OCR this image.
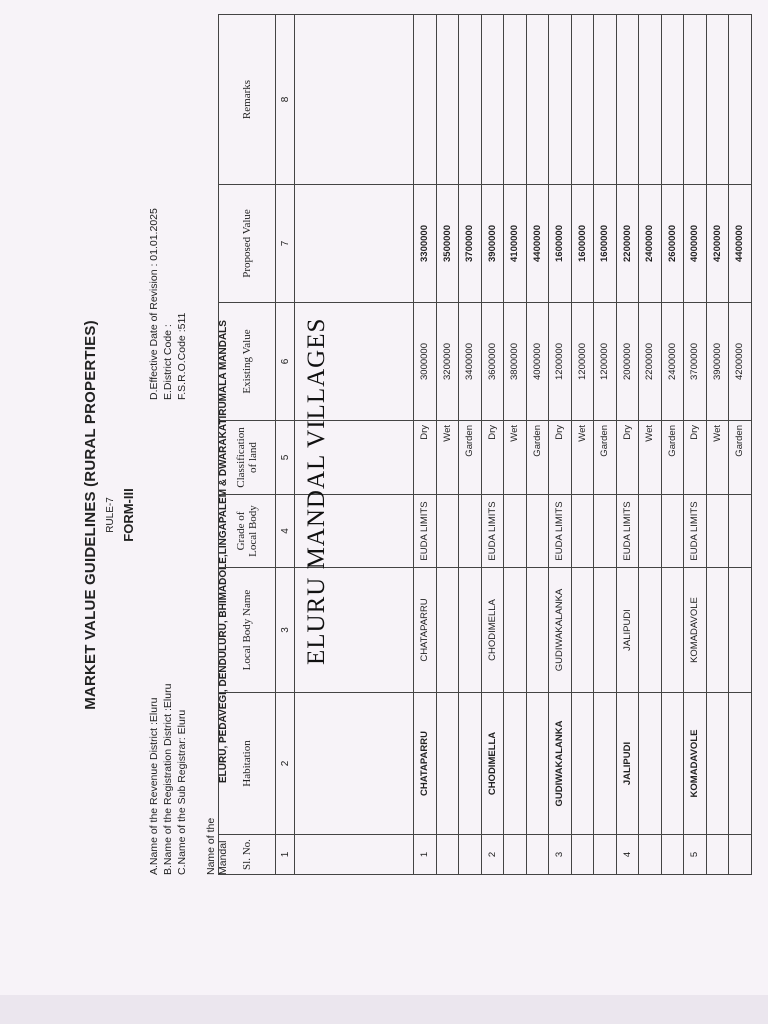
MARKET VALUE GUIDELINES (RURAL PROPERTIES) RULE-7 FORM-III
A.Name of the Revenue District :Eluru B.Name of the Registration District :Eluru C.Name of the Sub Registrar: Eluru
D.Effective Date of Revision : 01.01.2025 E.District Code : F.S.R.O.Code :511
Name of the MandalELURU, PEDAVEGI, DENDULURU, BHIMADOLE,LINGAPALEM & DWARAKATIRUMALA MANDALS
Sl. No.	Habitation	Local Body Name	Grade of Local Body	Classification of land	Existing Value	Proposed Value	Remarks
1	2	3	4	5	6	7	8

1	CHATAPARRU	CHATAPARRU	EUDA LIMITS	Dry	3000000	3300000	
				Wet	3200000	3500000	
				Garden	3400000	3700000	
2	CHODIMELLA	CHODIMELLA	EUDA LIMITS	Dry	3600000	3900000	
				Wet	3800000	4100000	
				Garden	4000000	4400000	
3	GUDIWAKALANKA	GUDIWAKALANKA	EUDA LIMITS	Dry	1200000	1600000	
				Wet	1200000	1600000	
				Garden	1200000	1600000	
4	JALIPUDI	JALIPUDI	EUDA LIMITS	Dry	2000000	2200000	
				Wet	2200000	2400000	
				Garden	2400000	2600000	
5	KOMADAVOLE	KOMADAVOLE	EUDA LIMITS	Dry	3700000	4000000	
				Wet	3900000	4200000	
				Garden	4200000	4400000	
ELURU MANDAL VILLAGES
